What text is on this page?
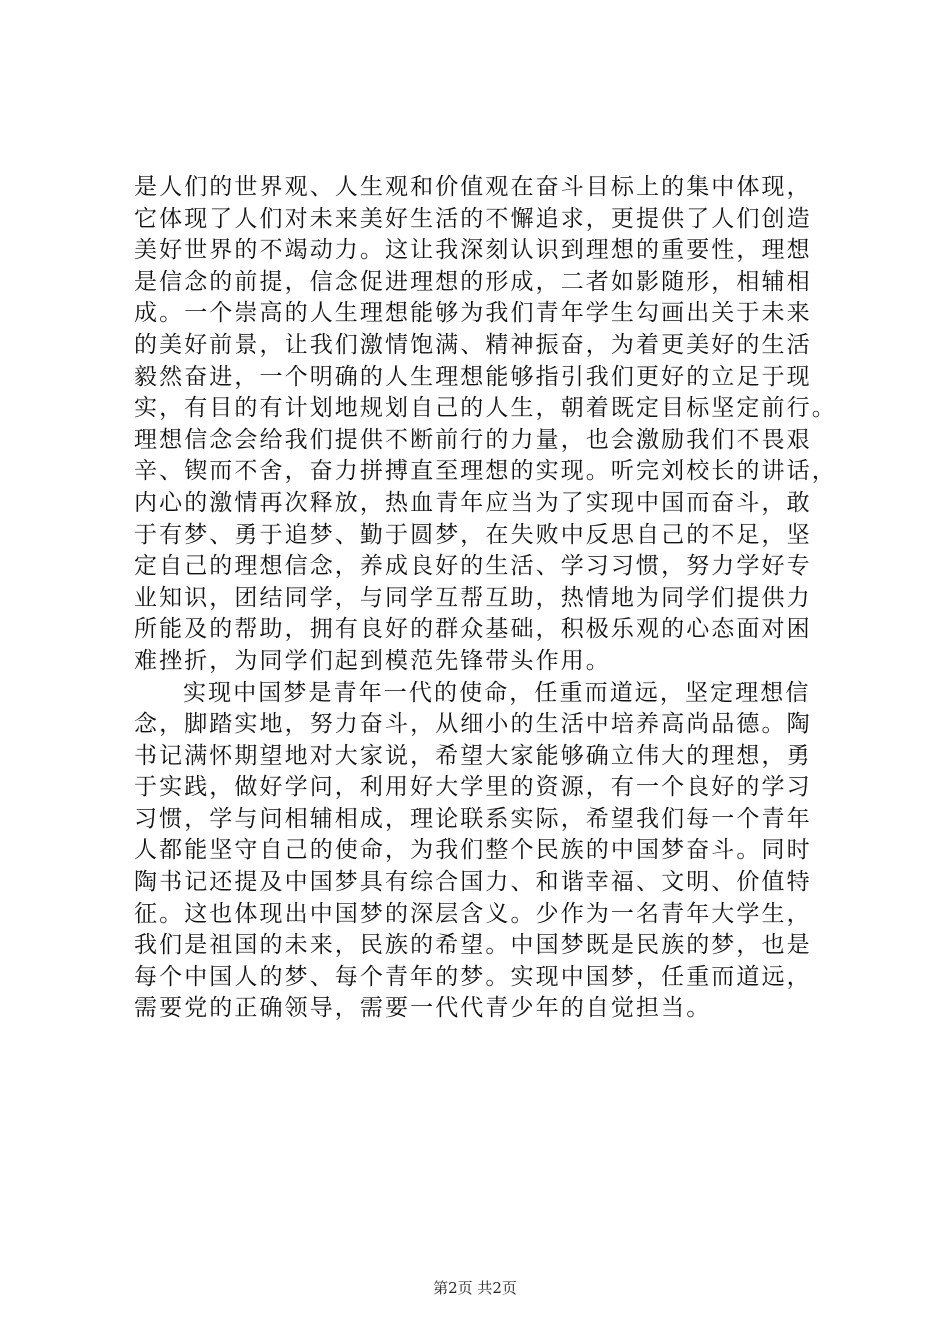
是人们的世界观、人生观和价值观在奋斗目标上的集中体现，
它体现了人们对未来美好生活的不懈追求，更提供了人们创造
美好世界的不竭动力。这让我深刻认识到理想的重要性，理想
是信念的前提，信念促进理想的形成，二者如影随形，相辅相
成。一个崇高的人生理想能够为我们青年学生勾画出关于未来
的美好前景，让我们激情饱满、精神振奋，为着更美好的生活
毅然奋进，一个明确的人生理想能够指引我们更好的立足于现
实，有目的有计划地规划自己的人生，朝着既定目标坚定前行。
理想信念会给我们提供不断前行的力量，也会激励我们不畏艰
辛、锲而不舍，奋力拼搏直至理想的实现。听完刘校长的讲话，
内心的激情再次释放，热血青年应当为了实现中国而奋斗，敢
于有梦、勇于追梦、勤于圆梦，在失败中反思自己的不足，坚
定自己的理想信念，养成良好的生活、学习习惯，努力学好专
业知识，团结同学，与同学互帮互助，热情地为同学们提供力
所能及的帮助，拥有良好的群众基础，积极乐观的心态面对困
难挫折，为同学们起到模范先锋带头作用。
实现中国梦是青年一代的使命，任重而道远，坚定理想信
念，脚踏实地，努力奋斗，从细小的生活中培养高尚品德。陶
书记满怀期望地对大家说，希望大家能够确立伟大的理想，勇
于实践，做好学问，利用好大学里的资源，有一个良好的学习
习惯，学与问相辅相成，理论联系实际，希望我们每一个青年
人都能坚守自己的使命，为我们整个民族的中国梦奋斗。同时
陶书记还提及中国梦具有综合国力、和谐幸福、文明、价值特
征。这也体现出中国梦的深层含义。少作为一名青年大学生，
我们是祖国的未来，民族的希望。中国梦既是民族的梦，也是
每个中国人的梦、每个青年的梦。实现中国梦，任重而道远，
需要党的正确领导，需要一代代青少年的自觉担当。
第2页 共2页
